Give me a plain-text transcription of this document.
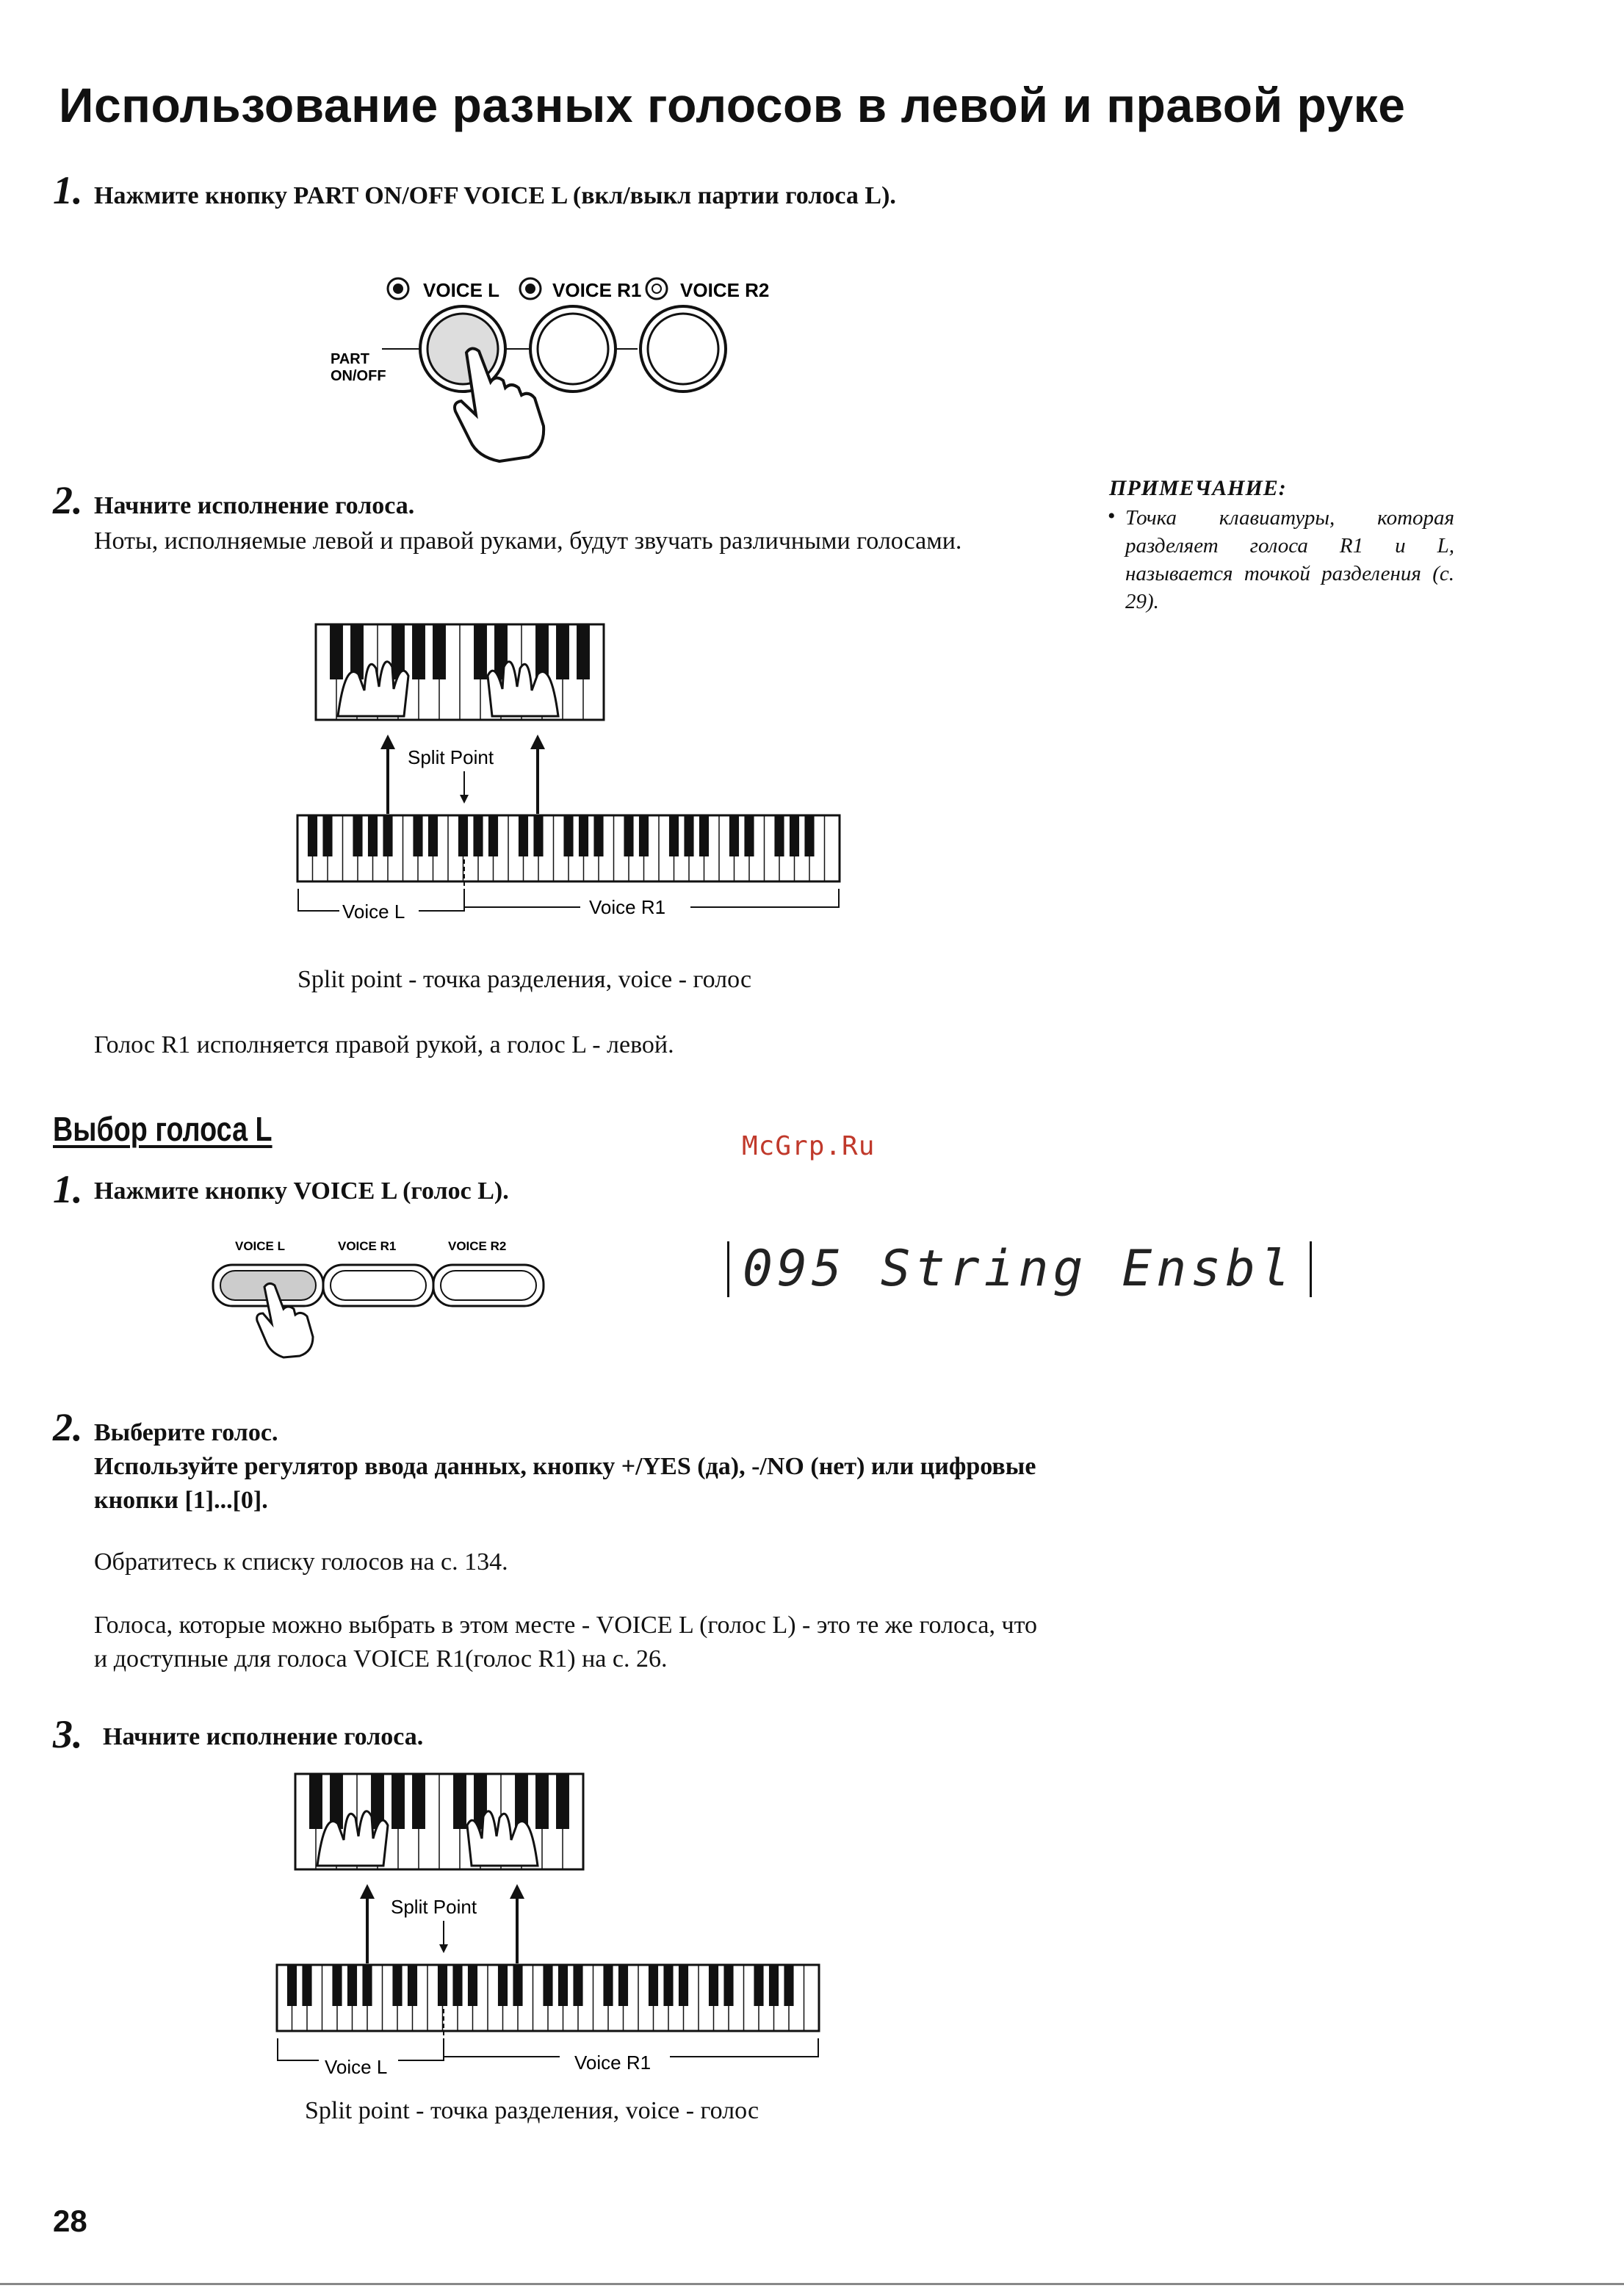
Использование разных голосов в левой и правой руке
1. Нажмите кнопку PART ON/OFF VOICE L (вкл/выкл партии голоса L).
VOICE L	VOICE R1 VOICE R2
PART
ON/OFF
2. Начните исполнение голоса.
Ноты, исполняемые левой и правой руками, будут звучать различными голосами.
ПРИМЕЧАНИЕ:
• Точка клавиатуры, которая разделяет голоса R1 и L, называется точкой разделения (с. 29).
Split Point
Voice L	Voice R1
Split point - точка разделения, voice - голос
Голос R1 исполняется правой рукой, а голос L - левой.
Выбор голоса L	McGrp.Ru
1. Нажмите кнопку VOICE L (голос L).
VOICE L	VOICE R1	VOICE R2	095 String Ensbl
2. Выберите голос.
Используйте регулятор ввода данных, кнопку +/YES (да), -/NO (нет) или цифровые кнопки [1]...[0].
Обратитесь к списку голосов на с. 134.
Голоса, которые можно выбрать в этом месте - VOICE L (голос L) - это те же голоса, что и доступные для голоса VOICE R1(голос R1) на с. 26.
3. Начните исполнение голоса.
Split Point
Voice L	Voice R1
Split point - точка разделения, voice - голос
28
